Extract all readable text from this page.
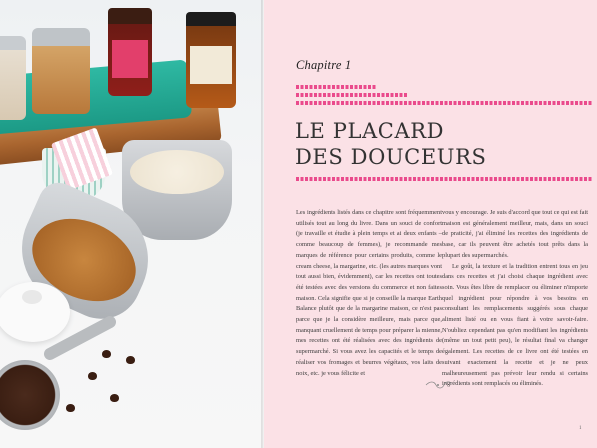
Chapitre 1
LE PLACARD
DES DOUCEURS

Les ingrédients listés dans ce chapitre sont fréquemment utilisés tout au long du livre. Dans un souci de confort (je travaille et étudie à plein temps et ai deux enfants – comme beaucoup de femmes), je recommande mes marques de référence pour certains produits, comme le cream cheese, la margarine, etc. (les autres marques vont tout aussi bien, évidemment), car les recettes ont toutes été testées avec des versions du commerce et non faites maison. Cela signifie que si je conseille la marque Earth Balance plutôt que de la margarine maison, ce n'est pas parce que je la considère meilleure, mais parce que, manquant cruellement de temps pour préparer la mienne, mes recettes ont été réalisées avec des ingrédients de supermarché. Si vous avez les capacités et le temps de réaliser vos fromages et beurres végétaux, vos laits de noix, etc. je vous félicite et

vous y encourage. Je suis d'accord que tout ce qui est fait maison est généralement meilleur, mais, dans un souci de praticité, j'ai éliminé les recettes des ingrédients de base, car ils peuvent être achetés tout prêts dans la plupart des supermarchés.

Le goût, la texture et la tradition entrent tous en jeu dans ces recettes et j'ai choisi chaque ingrédient avec soin. Vous êtes libre de remplacer ou éliminer n'importe quel ingrédient pour répondre à vos besoins en consultant les remplacements suggérés sous chaque aliment listé ou en vous fiant à votre savoir-faire. N'oubliez cependant pas qu'en modifiant les ingrédients (même un tout petit peu), le résultat final va changer également. Les recettes de ce livre ont été testées en suivant exactement la recette et je ne peux malheureusement pas prévoir leur rendu si certains ingrédients sont remplacés ou éliminés.

1
